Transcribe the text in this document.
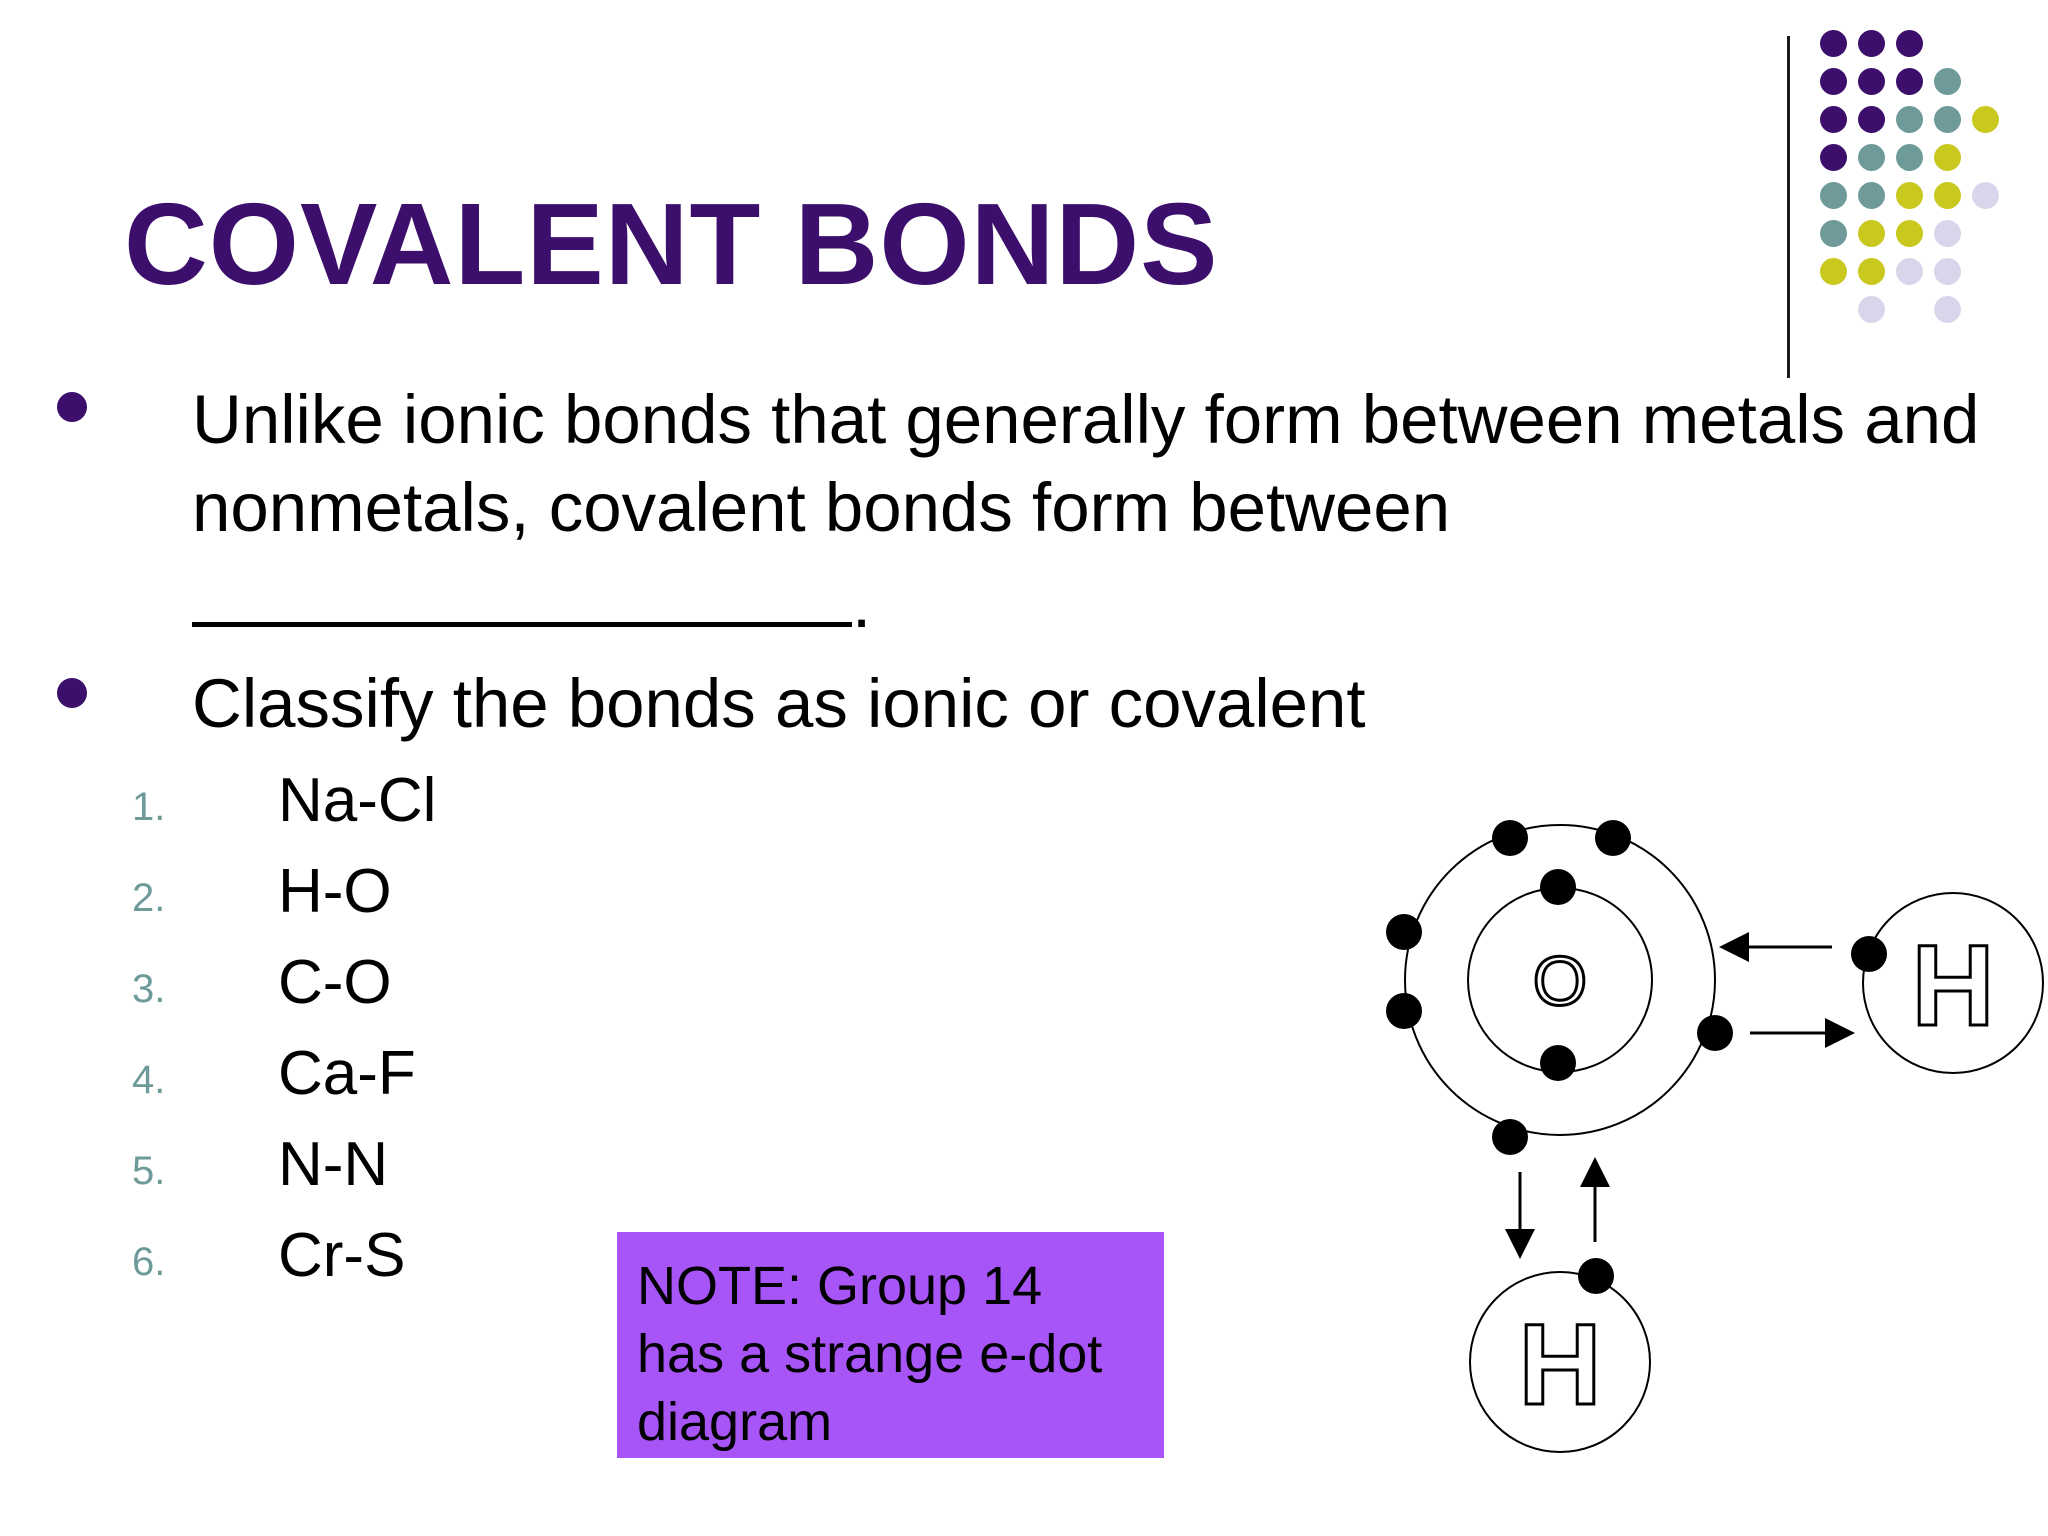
COVALENT BONDS
Unlike ionic bonds that generally form between metals and nonmetals, covalent bonds form between
.
Classify the bonds as ionic or covalent
1. Na-Cl
2. H-O
3. C-O
4. Ca-F
5. N-N
6. Cr-S	NOTE: Group 14 has a strange e-dot diagram
O	H
H
